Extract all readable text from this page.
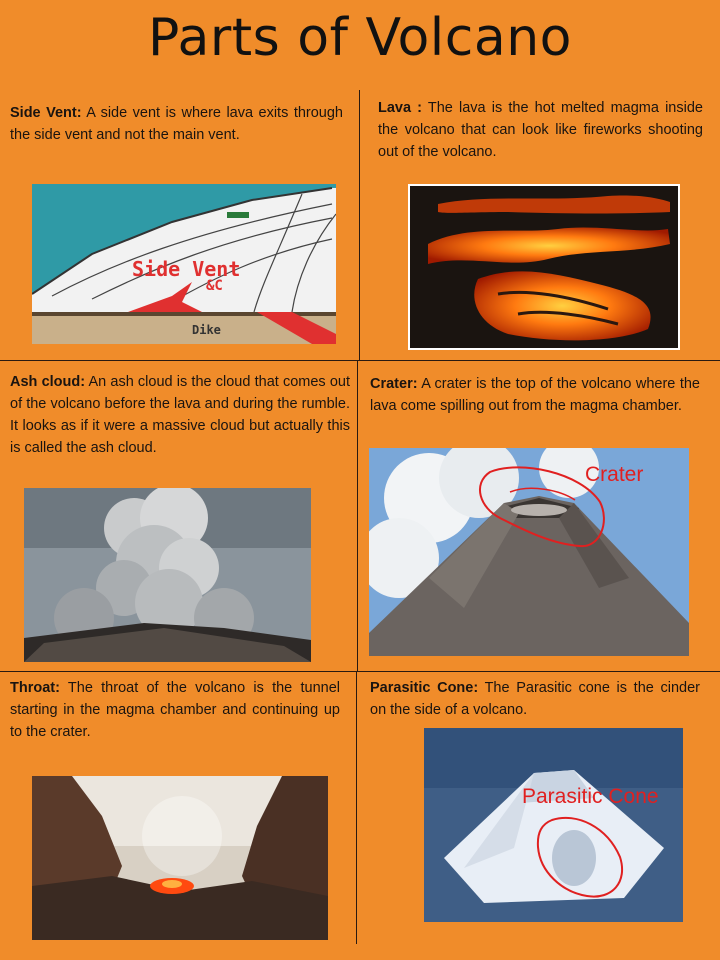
Parts of Volcano
Side Vent: A side vent is where lava exits through the side vent and not the main vent.
Side Vent
&C
Dike
Lava : The lava is the hot melted magma inside the volcano that can look like fireworks shooting out of the volcano.
Ash cloud: An ash cloud is the cloud that comes out of the volcano before the lava and during the rumble. It looks as if it were a massive cloud but actually this is called the ash cloud.
Crater: A crater is the top of the volcano where the lava come spilling out from the magma chamber.
Crater
Throat: The throat of the volcano is the tunnel starting in the magma chamber and continuing up to the crater.
Parasitic Cone: The Parasitic cone is the cinder on the side of a volcano.
Parasitic Cone
